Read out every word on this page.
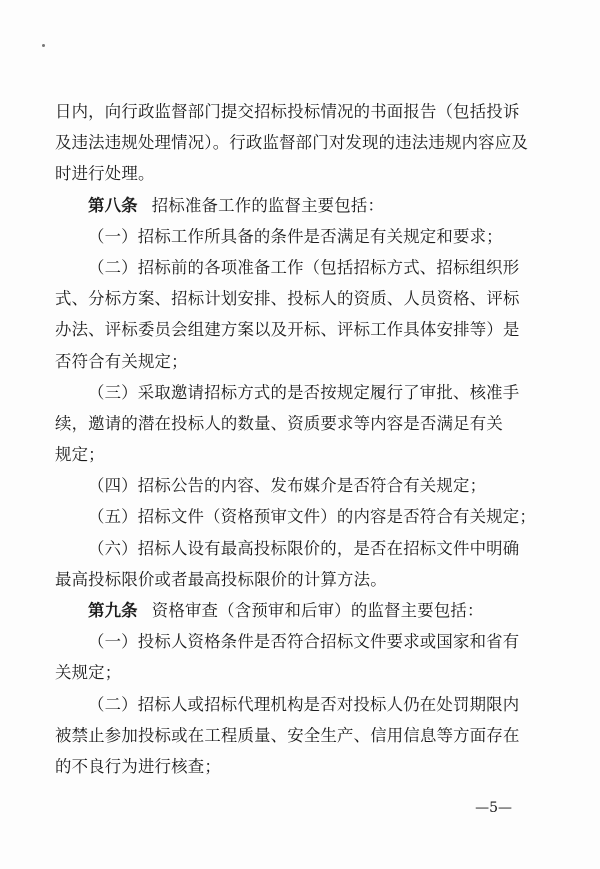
日内，向行政监督部门提交招标投标情况的书面报告（包括投诉
及违法违规处理情况）。行政监督部门对发现的违法违规内容应及
时进行处理。
第八条 招标准备工作的监督主要包括：
（一）招标工作所具备的条件是否满足有关规定和要求；
（二）招标前的各项准备工作（包括招标方式、招标组织形
式、分标方案、招标计划安排、投标人的资质、人员资格、评标
办法、评标委员会组建方案以及开标、评标工作具体安排等）是
否符合有关规定；
（三）采取邀请招标方式的是否按规定履行了审批、核准手
续，邀请的潜在投标人的数量、资质要求等内容是否满足有关
规定；
（四）招标公告的内容、发布媒介是否符合有关规定；
（五）招标文件（资格预审文件）的内容是否符合有关规定；
（六）招标人设有最高投标限价的，是否在招标文件中明确
最高投标限价或者最高投标限价的计算方法。
第九条 资格审查（含预审和后审）的监督主要包括：
（一）投标人资格条件是否符合招标文件要求或国家和省有
关规定；
（二）招标人或招标代理机构是否对投标人仍在处罚期限内
被禁止参加投标或在工程质量、安全生产、信用信息等方面存在
的不良行为进行核查；
—5—
